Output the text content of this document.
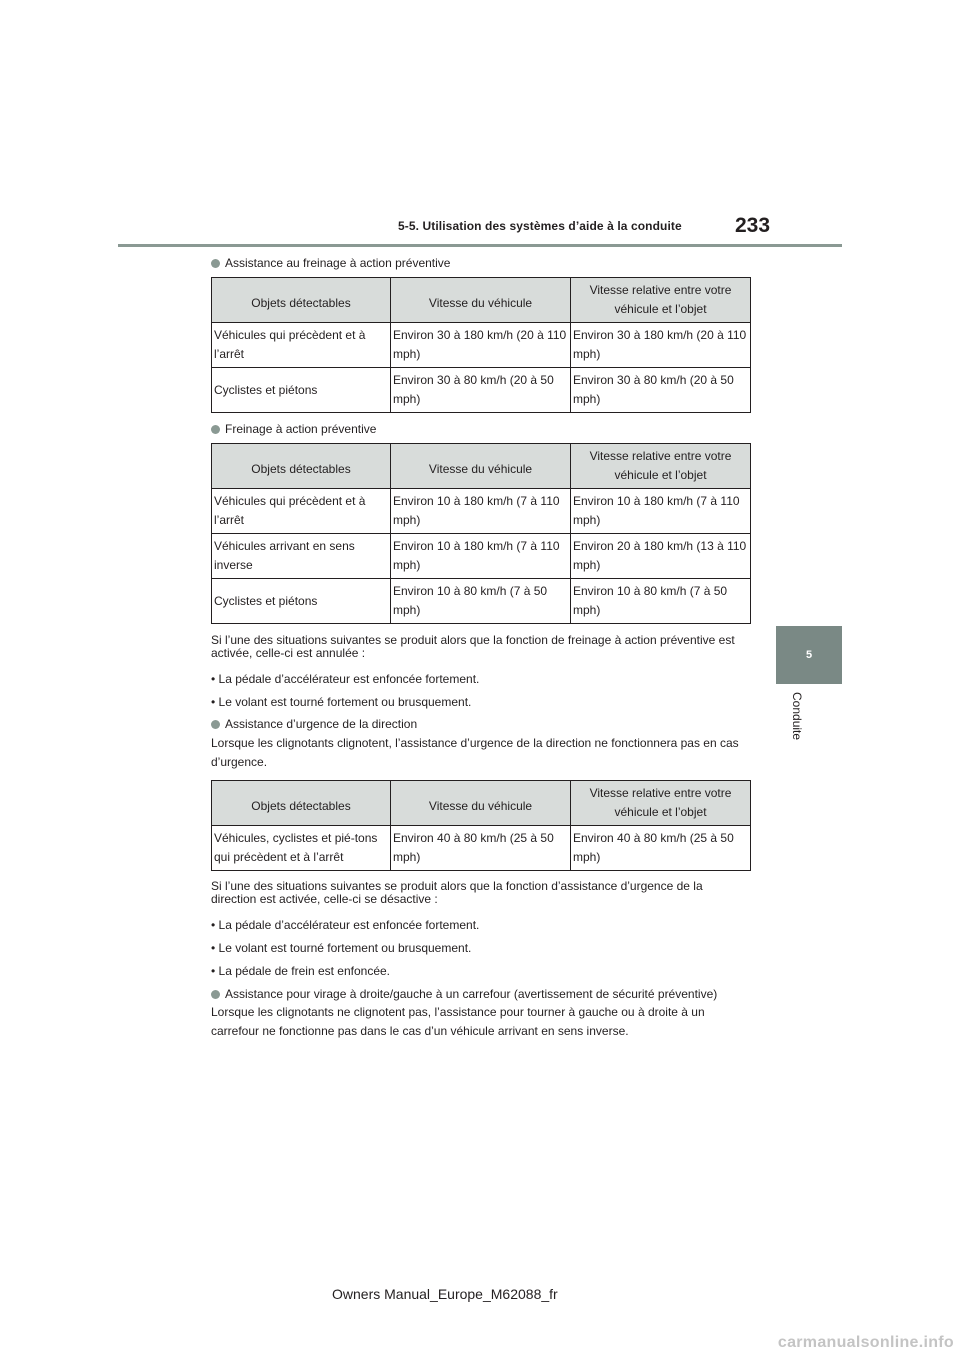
5-5. Utilisation des systèmes d’aide à la conduite	233
5
Conduite
Assistance au freinage à action préventive
Objets détectables	Vitesse du véhicule	Vitesse relative entre votre véhicule et l’objet
Véhicules qui précèdent et à l’arrêt	Environ 30 à 180 km/h (20 à 110 mph)	Environ 30 à 180 km/h (20 à 110 mph)
Cyclistes et piétons	Environ 30 à 80 km/h (20 à 50 mph)	Environ 30 à 80 km/h (20 à 50 mph)
Freinage à action préventive
Objets détectables	Vitesse du véhicule	Vitesse relative entre votre véhicule et l’objet
Véhicules qui précèdent et à l’arrêt	Environ 10 à 180 km/h (7 à 110 mph)	Environ 10 à 180 km/h (7 à 110 mph)
Véhicules arrivant en sens inverse	Environ 10 à 180 km/h (7 à 110 mph)	Environ 20 à 180 km/h (13 à 110 mph)
Cyclistes et piétons	Environ 10 à 80 km/h (7 à 50 mph)	Environ 10 à 80 km/h (7 à 50 mph)
Si l’une des situations suivantes se produit alors que la fonction de freinage à action préventive est activée, celle-ci est annulée :
• La pédale d’accélérateur est enfoncée fortement.
• Le volant est tourné fortement ou brusquement.
Assistance d’urgence de la direction
Lorsque les clignotants clignotent, l’assistance d’urgence de la direction ne fonctionnera pas en cas d’urgence.
Objets détectables	Vitesse du véhicule	Vitesse relative entre votre véhicule et l’objet
Véhicules, cyclistes et pié-tons qui précèdent et à l’arrêt	Environ 40 à 80 km/h (25 à 50 mph)	Environ 40 à 80 km/h (25 à 50 mph)
Si l’une des situations suivantes se produit alors que la fonction d’assistance d’urgence de la direction est activée, celle-ci se désactive :
• La pédale d’accélérateur est enfoncée fortement.
• Le volant est tourné fortement ou brusquement.
• La pédale de frein est enfoncée.
Assistance pour virage à droite/gauche à un carrefour (avertissement de sécurité préventive)
Lorsque les clignotants ne clignotent pas, l’assistance pour tourner à gauche ou à droite à un carrefour ne fonctionne pas dans le cas d’un véhicule arrivant en sens inverse.
Owners Manual_Europe_M62088_fr
carmanualsonline.info
